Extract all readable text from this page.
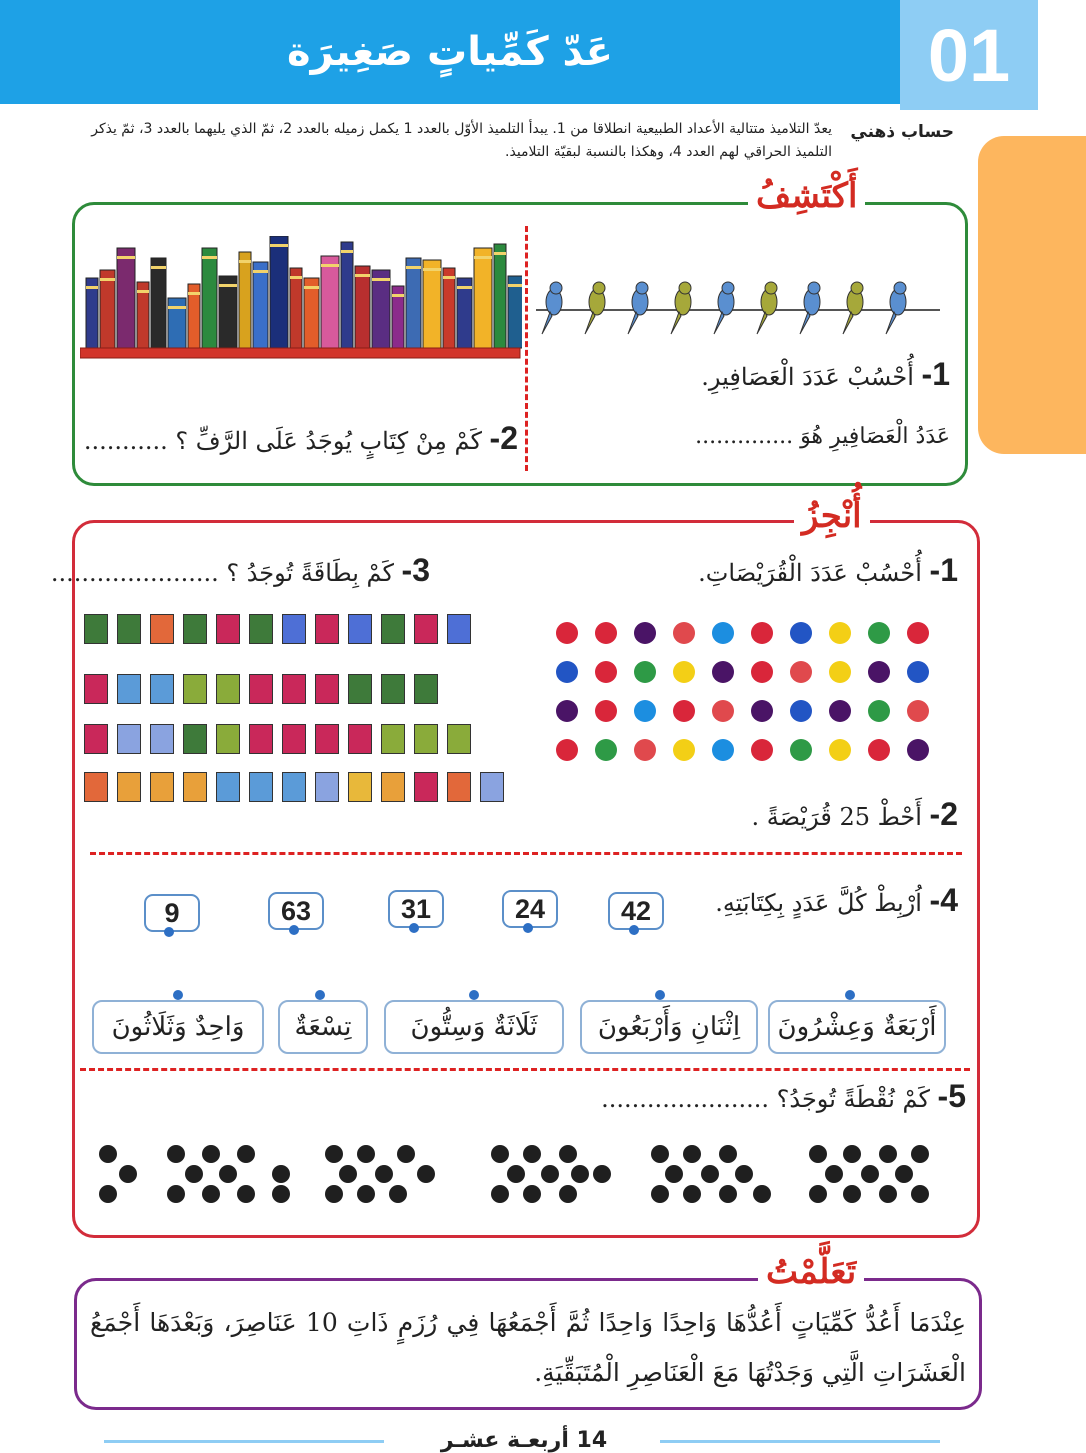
عَدّ كَمِّياتٍ صَغِيرَة	01
حساب ذهني
يعدّ التلاميذ متتالية الأعداد الطبيعية انطلاقا من 1. يبدأ التلميذ الأوّل بالعدد 1 يكمل زميله بالعدد 2، ثمّ الذي يليهما بالعدد 3، ثمّ يذكر التلميذ الحراقي لهم العدد 4، وهكذا بالنسبة لبقيّة التلاميذ.
أَكْتَشِفُ
1- أُحْسُبْ عَدَدَ الْعَصَافِيرِ.
عَدَدُ الْعَصَافِيرِ هُوَ ..............
2- كَمْ مِنْ كِتَابٍ يُوجَدُ عَلَى الرَّفِّ ؟ ...........
أُنْجِزُ
1- أُحْسُبْ عَدَدَ الْقُرَيْصَاتِ.
3- كَمْ بِطَاقَةً تُوجَدُ ؟ ......................
2- أَحْطْ 25 قُرَيْصَةً .
4- اُرْبِطْ كُلَّ عَدَدٍ بِكِتَابَتِهِ.
42
24
31
63
9
أَرْبَعَةٌ وَعِشْرُونَ
اِثْنَانِ وَأَرْبَعُونَ
ثَلَاثَةٌ وَسِتُّونَ
تِسْعَةٌ
وَاحِدٌ وَثَلَاثُونَ
5- كَمْ نُقْطَةً تُوجَدُ؟ ......................
تَعَلَّمْتُ
عِنْدَمَا أَعُدُّ كَمِّيَاتٍ أَعُدُّهَا وَاحِدًا وَاحِدًا ثُمَّ أَجْمَعُهَا فِي رُزَمٍ ذَاتِ 10 عَنَاصِرَ، وَبَعْدَهَا أَجْمَعُ الْعَشَرَاتِ الَّتِي وَجَدْتُهَا مَعَ الْعَنَاصِرِ الْمُتَبَقِّيَةِ.
14 أربعـة عشـر
